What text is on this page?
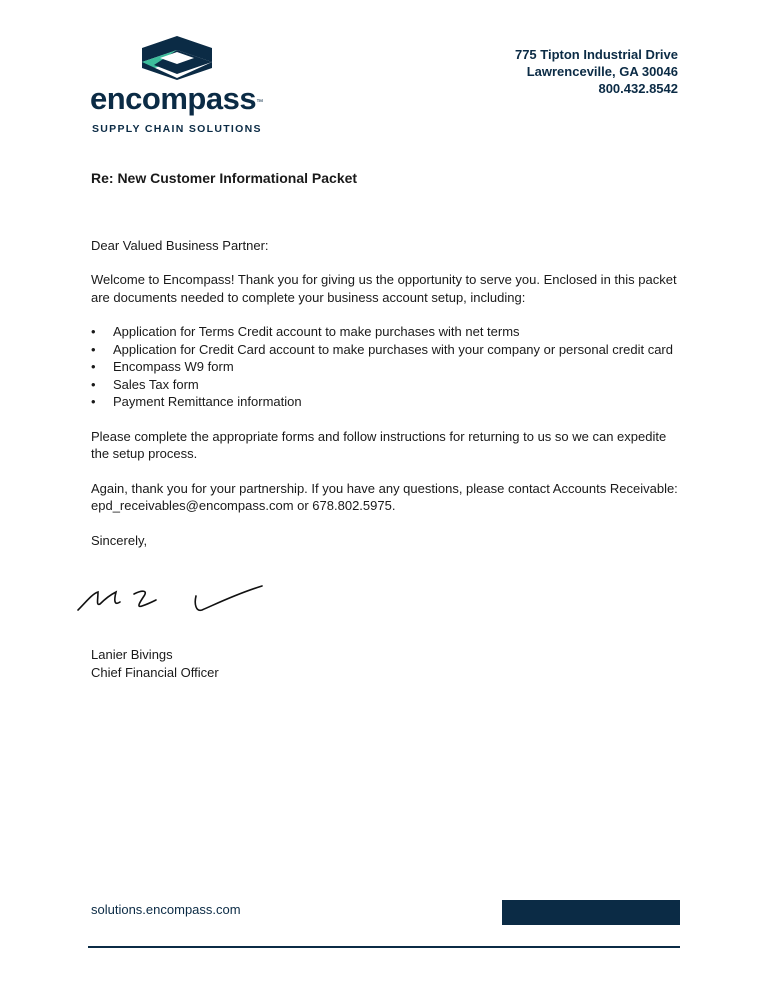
encompass™
SUPPLY CHAIN SOLUTIONS
775 Tipton Industrial Drive
Lawrenceville, GA 30046
800.432.8542

Re: New Customer Informational Packet

Dear Valued Business Partner:

Welcome to Encompass! Thank you for giving us the opportunity to serve you. Enclosed in this packet are documents needed to complete your business account setup, including:

• Application for Terms Credit account to make purchases with net terms
• Application for Credit Card account to make purchases with your company or personal credit card
• Encompass W9 form
• Sales Tax form
• Payment Remittance information

Please complete the appropriate forms and follow instructions for returning to us so we can expedite the setup process.

Again, thank you for your partnership. If you have any questions, please contact Accounts Receivable: epd_receivables@encompass.com or 678.802.5975.

Sincerely,

Lanier Bivings
Chief Financial Officer
solutions.encompass.com
